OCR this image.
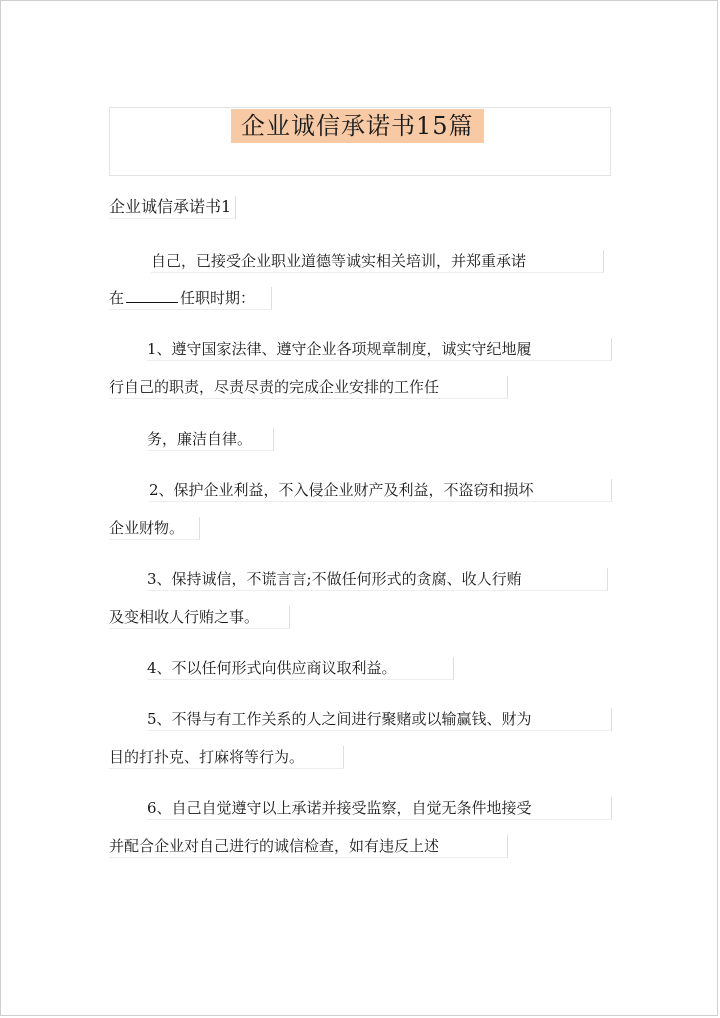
企业诚信承诺书15篇
企业诚信承诺书1
自己，已接受企业职业道德等诚实相关培训，并郑重承诺
在	任职时期：
1、遵守国家法律、遵守企业各项规章制度，诚实守纪地履
行自己的职责，尽责尽责的完成企业安排的工作任
务，廉洁自律。
2、保护企业利益，不入侵企业财产及利益，不盗窃和损坏
企业财物。
3、保持诚信，不谎言言;不做任何形式的贪腐、收人行贿
及变相收人行贿之事。
4、不以任何形式向供应商议取利益。
5、不得与有工作关系的人之间进行聚赌或以输赢钱、财为
目的打扑克、打麻将等行为。
6、自己自觉遵守以上承诺并接受监察，自觉无条件地接受
并配合企业对自己进行的诚信检查，如有违反上述
